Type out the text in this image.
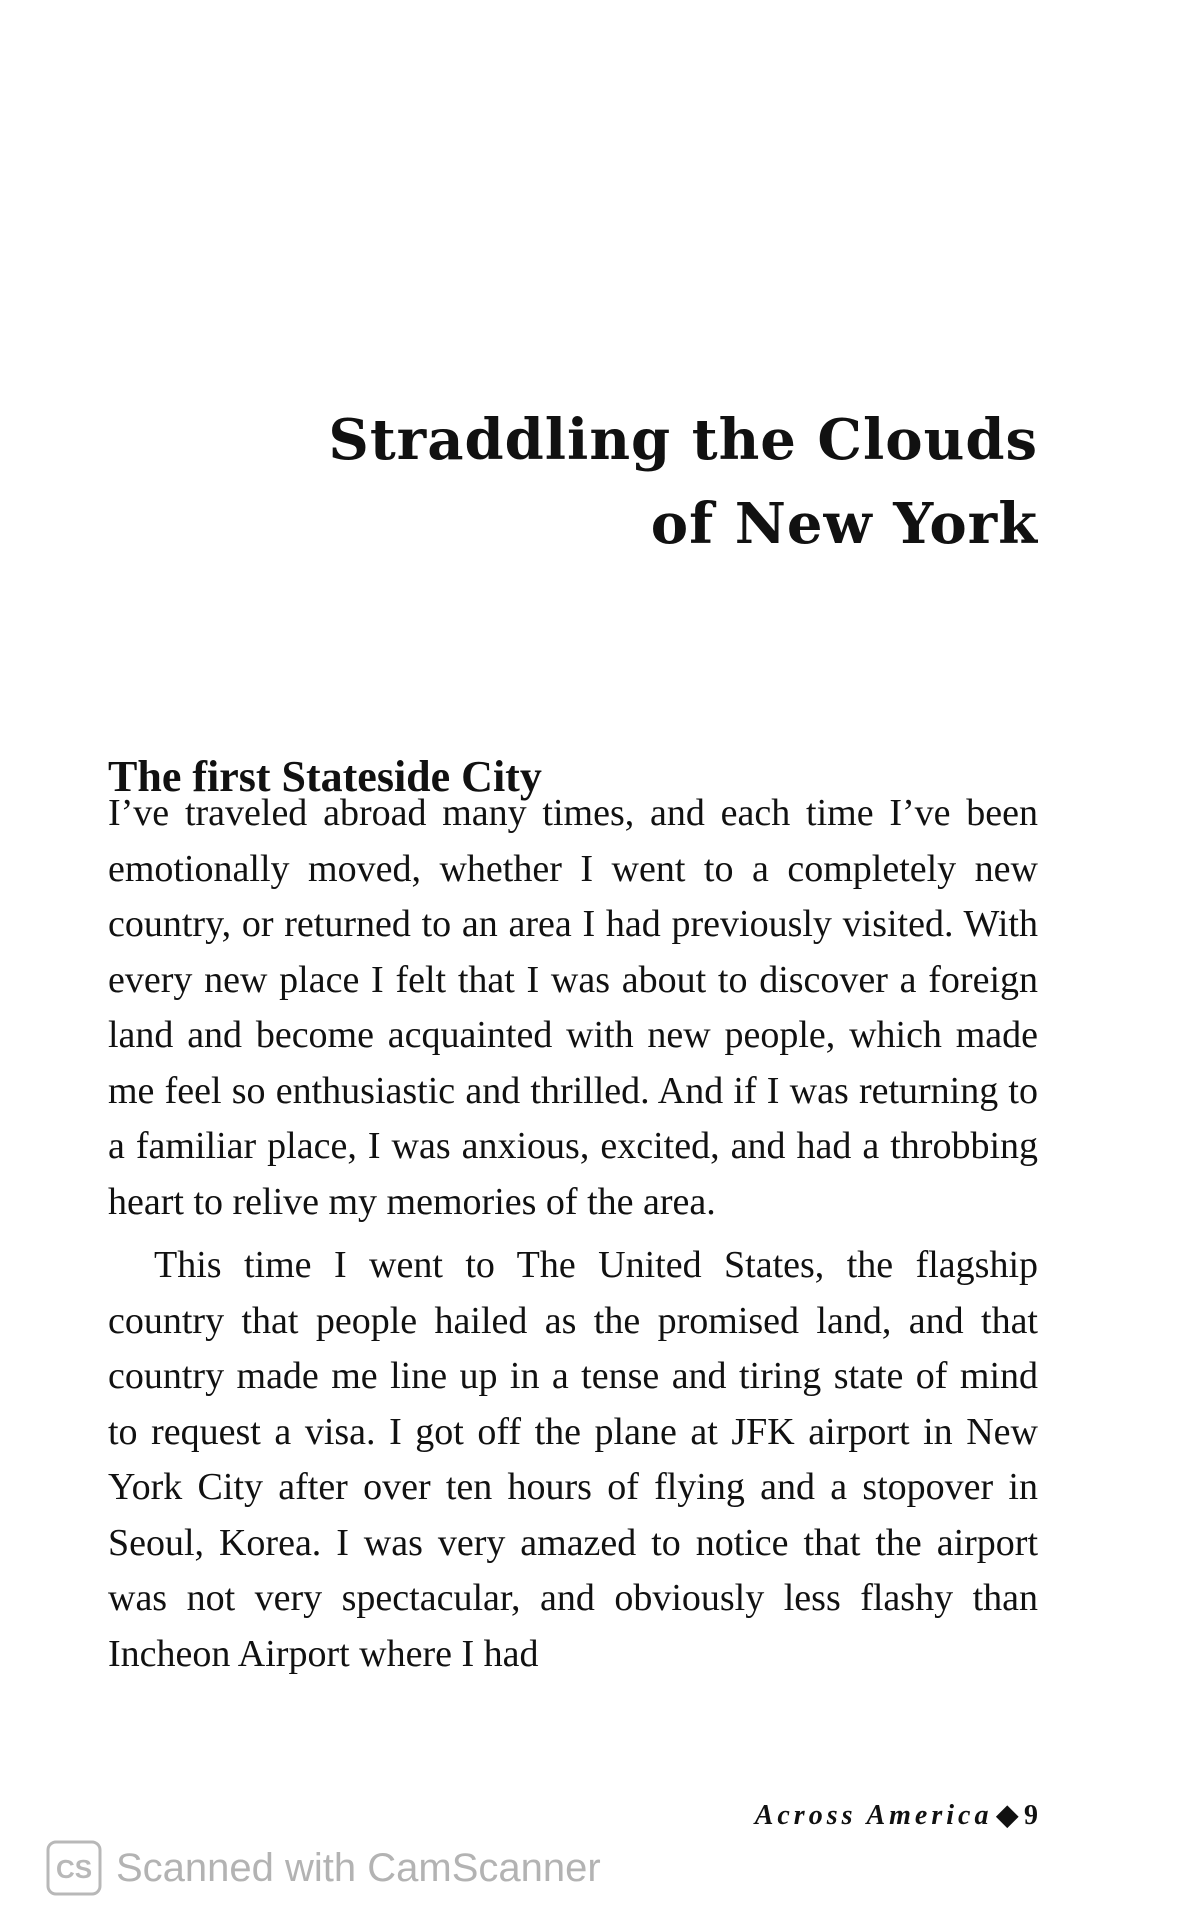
Straddling the Clouds
of New York
The first Stateside City

I’ve traveled abroad many times, and each time I’ve been emotionally moved, whether I went to a completely new country, or returned to an area I had previously visited. With every new place I felt that I was about to discover a foreign land and become acquainted with new people, which made me feel so enthusiastic and thrilled. And if I was returning to a familiar place, I was anxious, excited, and had a throbbing heart to relive my memories of the area.

This time I went to The United States, the flagship country that people hailed as the promised land, and that country made me line up in a tense and tiring state of mind to request a visa. I got off the plane at JFK airport in New York City after over ten hours of flying and a stopover in Seoul, Korea. I was very amazed to notice that the airport was not very spectacular, and obviously less flashy than Incheon Airport where I had

Across America ◆ 9
CS Scanned with CamScanner
